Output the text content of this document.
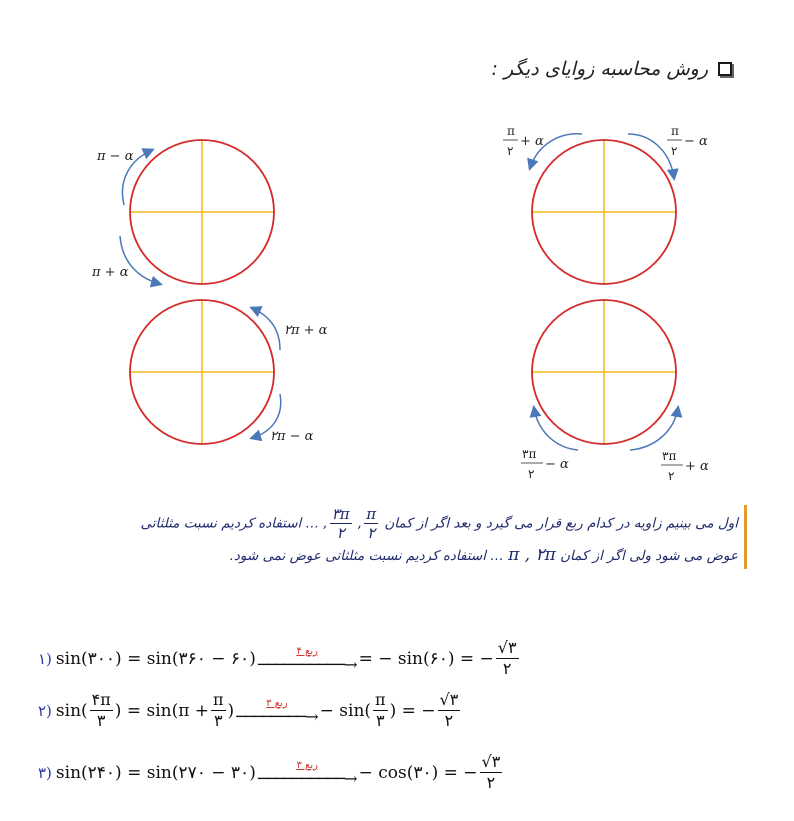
روش محاسبه زوایای دیگر :
π − α
π + α
۲π + α
۲π − α
π
۲
+ α
π
۲
− α
۳π
۲
− α
۳π
۲
+ α
اول می بینیم زاویه در کدام ربع قرار می گیرد و بعد اگر از کمان
$\frac{\pi}{۲}$
,
$\frac{۳\pi}{۲}$
, … استفاده کردیم نسبت مثلثاتی
عوض می شود ولی اگر از کمان π , ۲π … استفاده کردیم نسبت مثلثاتی عوض نمی شود.
۱) sin(۳۰۰) = sin(۳۶۰ − ۶۰)	ربع ۴
──────────→ = − sin(۶۰) = − $\frac{√۳}{۲}$
۲) $\sin( \frac{۴\pi}{۳}$ ) = $\sin(\pi + \frac{\pi}{۳}$ )	ربع ۳
────────→ − $\sin( \frac{\pi}{۳}$ ) = − $\frac{√۳}{۲}$
۳) sin(۲۴۰) = sin(۲۷۰ − ۳۰)	ربع ۳
──────────→ − cos(۳۰) = − $\frac{√۳}{۲}$
